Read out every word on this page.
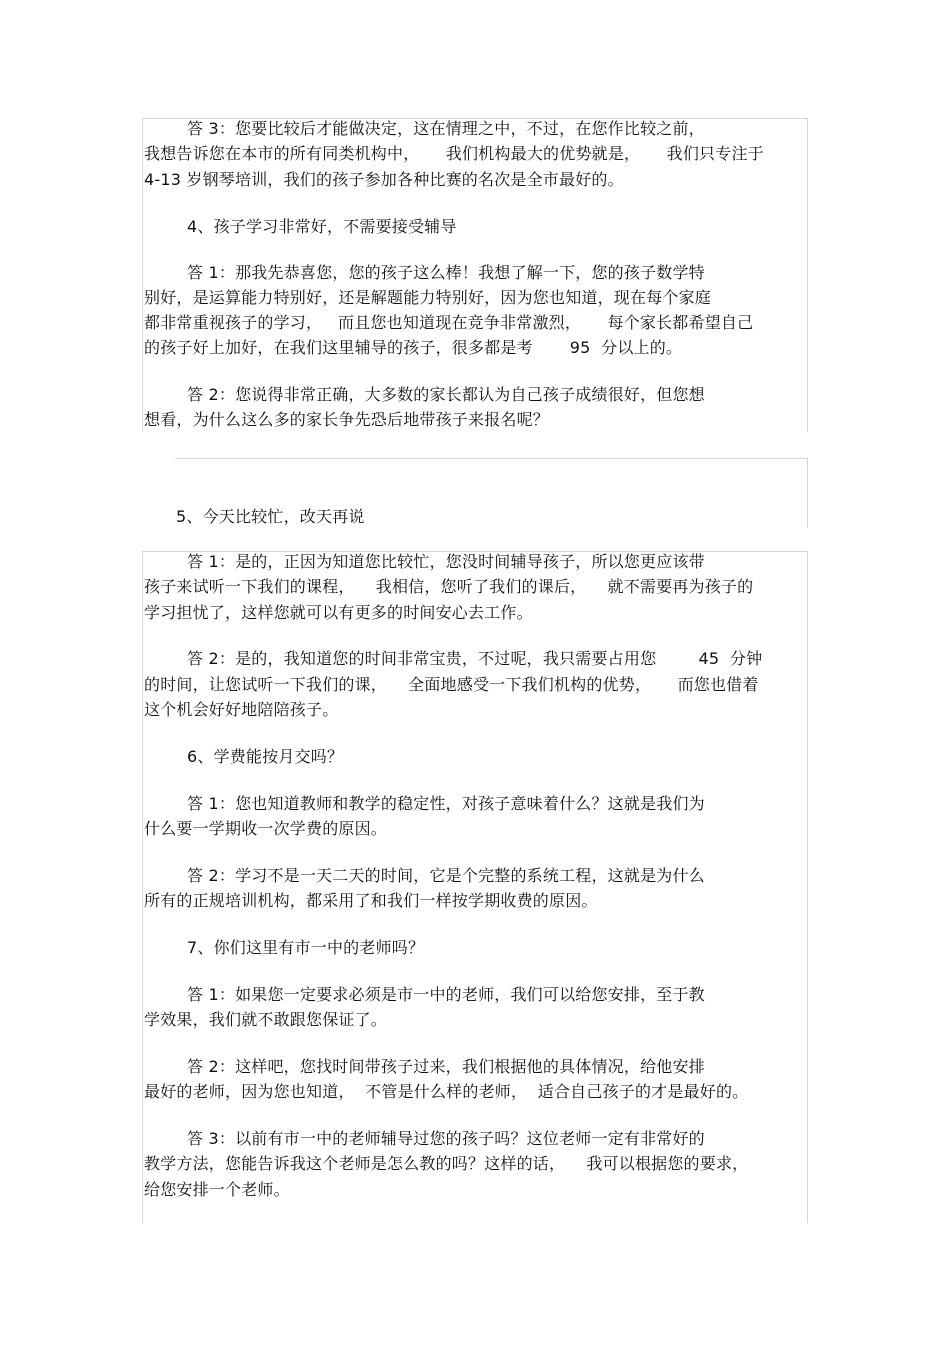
答 3：您要比较后才能做决定，这在情理之中，不过，在您作比较之前，
我想告诉您在本市的所有同类机构中，     我们机构最大的优势就是，     我们只专注于
4-13 岁钢琴培训，我们的孩子参加各种比赛的名次是全市最好的。
4、孩子学习非常好，不需要接受辅导
答 1：那我先恭喜您，您的孩子这么棒！我想了解一下，您的孩子数学特
别好，是运算能力特别好，还是解题能力特别好，因为您也知道，现在每个家庭
都非常重视孩子的学习，   而且您也知道现在竞争非常激烈，     每个家长都希望自己
的孩子好上加好，在我们这里辅导的孩子，很多都是考       95  分以上的。
答 2：您说得非常正确，大多数的家长都认为自己孩子成绩很好，但您想
想看，为什么这么多的家长争先恐后地带孩子来报名呢？
5、今天比较忙，改天再说
答 1：是的，正因为知道您比较忙，您没时间辅导孩子，所以您更应该带
孩子来试听一下我们的课程，    我相信，您听了我们的课后，    就不需要再为孩子的
学习担忧了，这样您就可以有更多的时间安心去工作。
答 2：是的，我知道您的时间非常宝贵，不过呢，我只需要占用您        45  分钟
的时间，让您试听一下我们的课，    全面地感受一下我们机构的优势，     而您也借着
这个机会好好地陪陪孩子。
6、学费能按月交吗？
答 1：您也知道教师和教学的稳定性，对孩子意味着什么？这就是我们为
什么要一学期收一次学费的原因。
答 2：学习不是一天二天的时间，它是个完整的系统工程，这就是为什么
所有的正规培训机构，都采用了和我们一样按学期收费的原因。
7、你们这里有市一中的老师吗？
答 1：如果您一定要求必须是市一中的老师，我们可以给您安排，至于教
学效果，我们就不敢跟您保证了。
答 2：这样吧，您找时间带孩子过来，我们根据他的具体情况，给他安排
最好的老师，因为您也知道，  不管是什么样的老师，  适合自己孩子的才是最好的。
答 3：以前有市一中的老师辅导过您的孩子吗？这位老师一定有非常好的
教学方法，您能告诉我这个老师是怎么教的吗？这样的话，    我可以根据您的要求，
给您安排一个老师。
